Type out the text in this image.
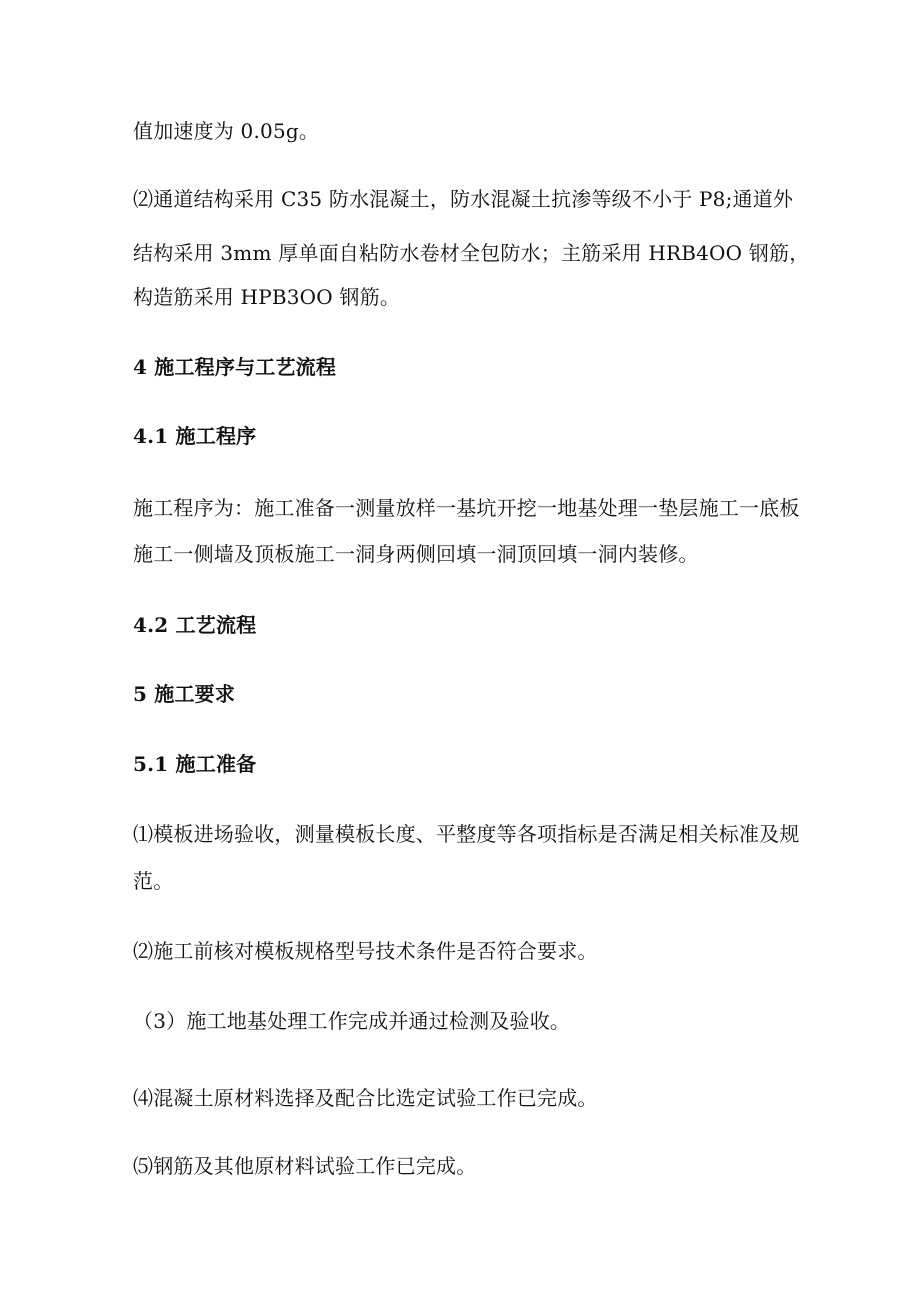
值加速度为 0.05g。
⑵通道结构采用 C35 防水混凝土，防水混凝土抗渗等级不小于 P8;通道外
结构采用 3mm 厚单面自粘防水卷材全包防水；主筋采用 HRB4OO 钢筋，
构造筋采用 HPB3OO 钢筋。
4 施工程序与工艺流程
4.1 施工程序
施工程序为：施工准备一测量放样一基坑开挖一地基处理一垫层施工一底板
施工一侧墙及顶板施工一洞身两侧回填一洞顶回填一洞内装修。
4.2 工艺流程
5 施工要求
5.1 施工准备
⑴模板进场验收，测量模板长度、平整度等各项指标是否满足相关标准及规
范。
⑵施工前核对模板规格型号技术条件是否符合要求。
（3）施工地基处理工作完成并通过检测及验收。
⑷混凝土原材料选择及配合比选定试验工作已完成。
⑸钢筋及其他原材料试验工作已完成。
